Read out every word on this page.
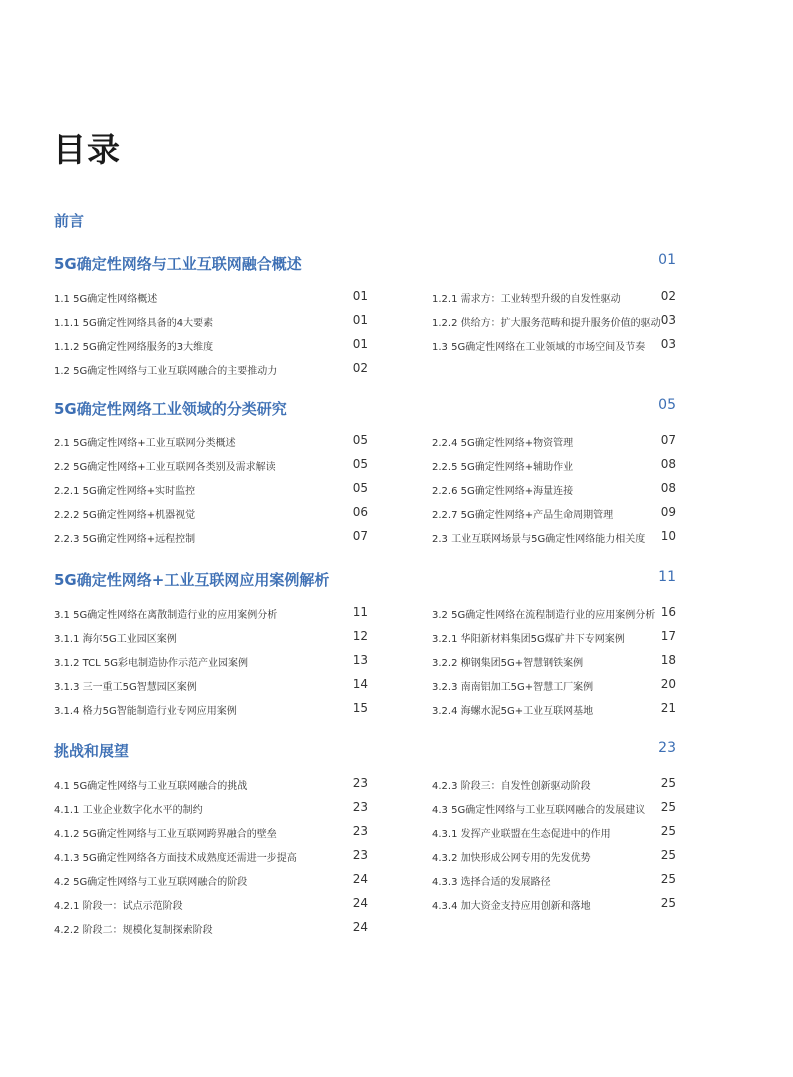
目录
前言
5G确定性网络与工业互联网融合概述	01
1.1 5G确定性网络概述	01
1.1.1 5G确定性网络具备的4大要素	01
1.1.2 5G确定性网络服务的3大维度	01
1.2 5G确定性网络与工业互联网融合的主要推动力	02
1.2.1 需求方：工业转型升级的自发性驱动	02
1.2.2 供给方：扩大服务范畴和提升服务价值的驱动 03
1.3 5G确定性网络在工业领域的市场空间及节奏 03
5G确定性网络工业领域的分类研究	05
2.1 5G确定性网络+工业互联网分类概述	05
2.2 5G确定性网络+工业互联网各类别及需求解读	05
2.2.1 5G确定性网络+实时监控	05
2.2.2 5G确定性网络+机器视觉	06
2.2.3 5G确定性网络+远程控制	07
2.2.4 5G确定性网络+物资管理	07
2.2.5 5G确定性网络+辅助作业	08
2.2.6 5G确定性网络+海量连接	08
2.2.7 5G确定性网络+产品生命周期管理	09
2.3 工业互联网场景与5G确定性网络能力相关度 10
5G确定性网络+工业互联网应用案例解析	11
3.1 5G确定性网络在离散制造行业的应用案例分析	11
3.1.1 海尔5G工业园区案例	12
3.1.2 TCL 5G彩电制造协作示范产业园案例	13
3.1.3 三一重工5G智慧园区案例	14
3.1.4 格力5G智能制造行业专网应用案例	15
3.2 5G确定性网络在流程制造行业的应用案例分析 16
3.2.1 华阳新材料集团5G煤矿井下专网案例	17
3.2.2 柳钢集团5G+智慧钢铁案例	18
3.2.3 南南铝加工5G+智慧工厂案例	20
3.2.4 海螺水泥5G+工业互联网基地	21
挑战和展望	23
4.1 5G确定性网络与工业互联网融合的挑战	23
4.1.1 工业企业数字化水平的制约	23
4.1.2 5G确定性网络与工业互联网跨界融合的壁垒	23
4.1.3 5G确定性网络各方面技术成熟度还需进一步提高	23
4.2 5G确定性网络与工业互联网融合的阶段	24
4.2.1 阶段一：试点示范阶段	24
4.2.2 阶段二：规模化复制探索阶段	24
4.2.3 阶段三：自发性创新驱动阶段	25
4.3 5G确定性网络与工业互联网融合的发展建议 25
4.3.1 发挥产业联盟在生态促进中的作用	25
4.3.2 加快形成公网专用的先发优势	25
4.3.3 选择合适的发展路径	25
4.3.4 加大资金支持应用创新和落地	25
